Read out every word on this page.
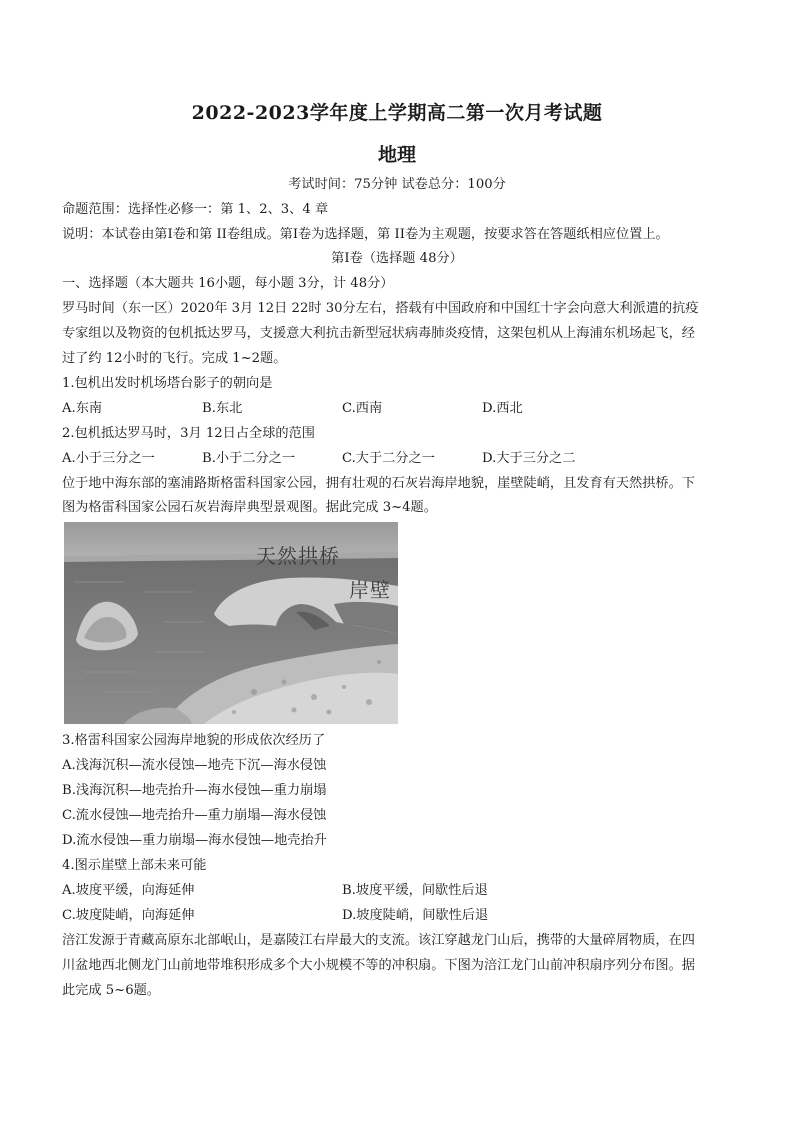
2022-2023学年度上学期高二第一次月考试题
地理
考试时间：75分钟 试卷总分：100分
命题范围：选择性必修一：第 1、2、3、4 章
说明：本试卷由第Ⅰ卷和第 II卷组成。第Ⅰ卷为选择题，第 II卷为主观题，按要求答在答题纸相应位置上。
第Ⅰ卷（选择题 48分）
一、选择题（本大题共 16小题，每小题 3分，计 48分）
罗马时间（东一区）2020年 3月 12日 22时 30分左右，搭载有中国政府和中国红十字会向意大利派遣的抗疫
专家组以及物资的包机抵达罗马，支援意大利抗击新型冠状病毒肺炎疫情，这架包机从上海浦东机场起飞，经
过了约 12小时的飞行。完成 1~2题。
1.包机出发时机场塔台影子的朝向是
A.东南	B.东北	C.西南	D.西北
2.包机抵达罗马时，3月 12日占全球的范围
A.小于三分之一	B.小于二分之一	C.大于二分之一	D.大于三分之二
位于地中海东部的塞浦路斯格雷科国家公园，拥有壮观的石灰岩海岸地貌，崖壁陡峭，且发育有天然拱桥。下
图为格雷科国家公园石灰岩海岸典型景观图。据此完成 3~4题。
天然拱桥
岸壁
3.格雷科国家公园海岸地貌的形成依次经历了
A.浅海沉积—流水侵蚀—地壳下沉—海水侵蚀
B.浅海沉积—地壳抬升—海水侵蚀—重力崩塌
C.流水侵蚀—地壳抬升—重力崩塌—海水侵蚀
D.流水侵蚀—重力崩塌—海水侵蚀—地壳抬升
4.图示崖壁上部未来可能
A.坡度平缓，向海延伸	B.坡度平缓，间歇性后退
C.坡度陡峭，向海延伸	D.坡度陡峭，间歇性后退
涪江发源于青藏高原东北部岷山，是嘉陵江右岸最大的支流。该江穿越龙门山后，携带的大量碎屑物质，在四
川盆地西北侧龙门山前地带堆积形成多个大小规模不等的冲积扇。下图为涪江龙门山前冲积扇序列分布图。据
此完成 5~6题。
